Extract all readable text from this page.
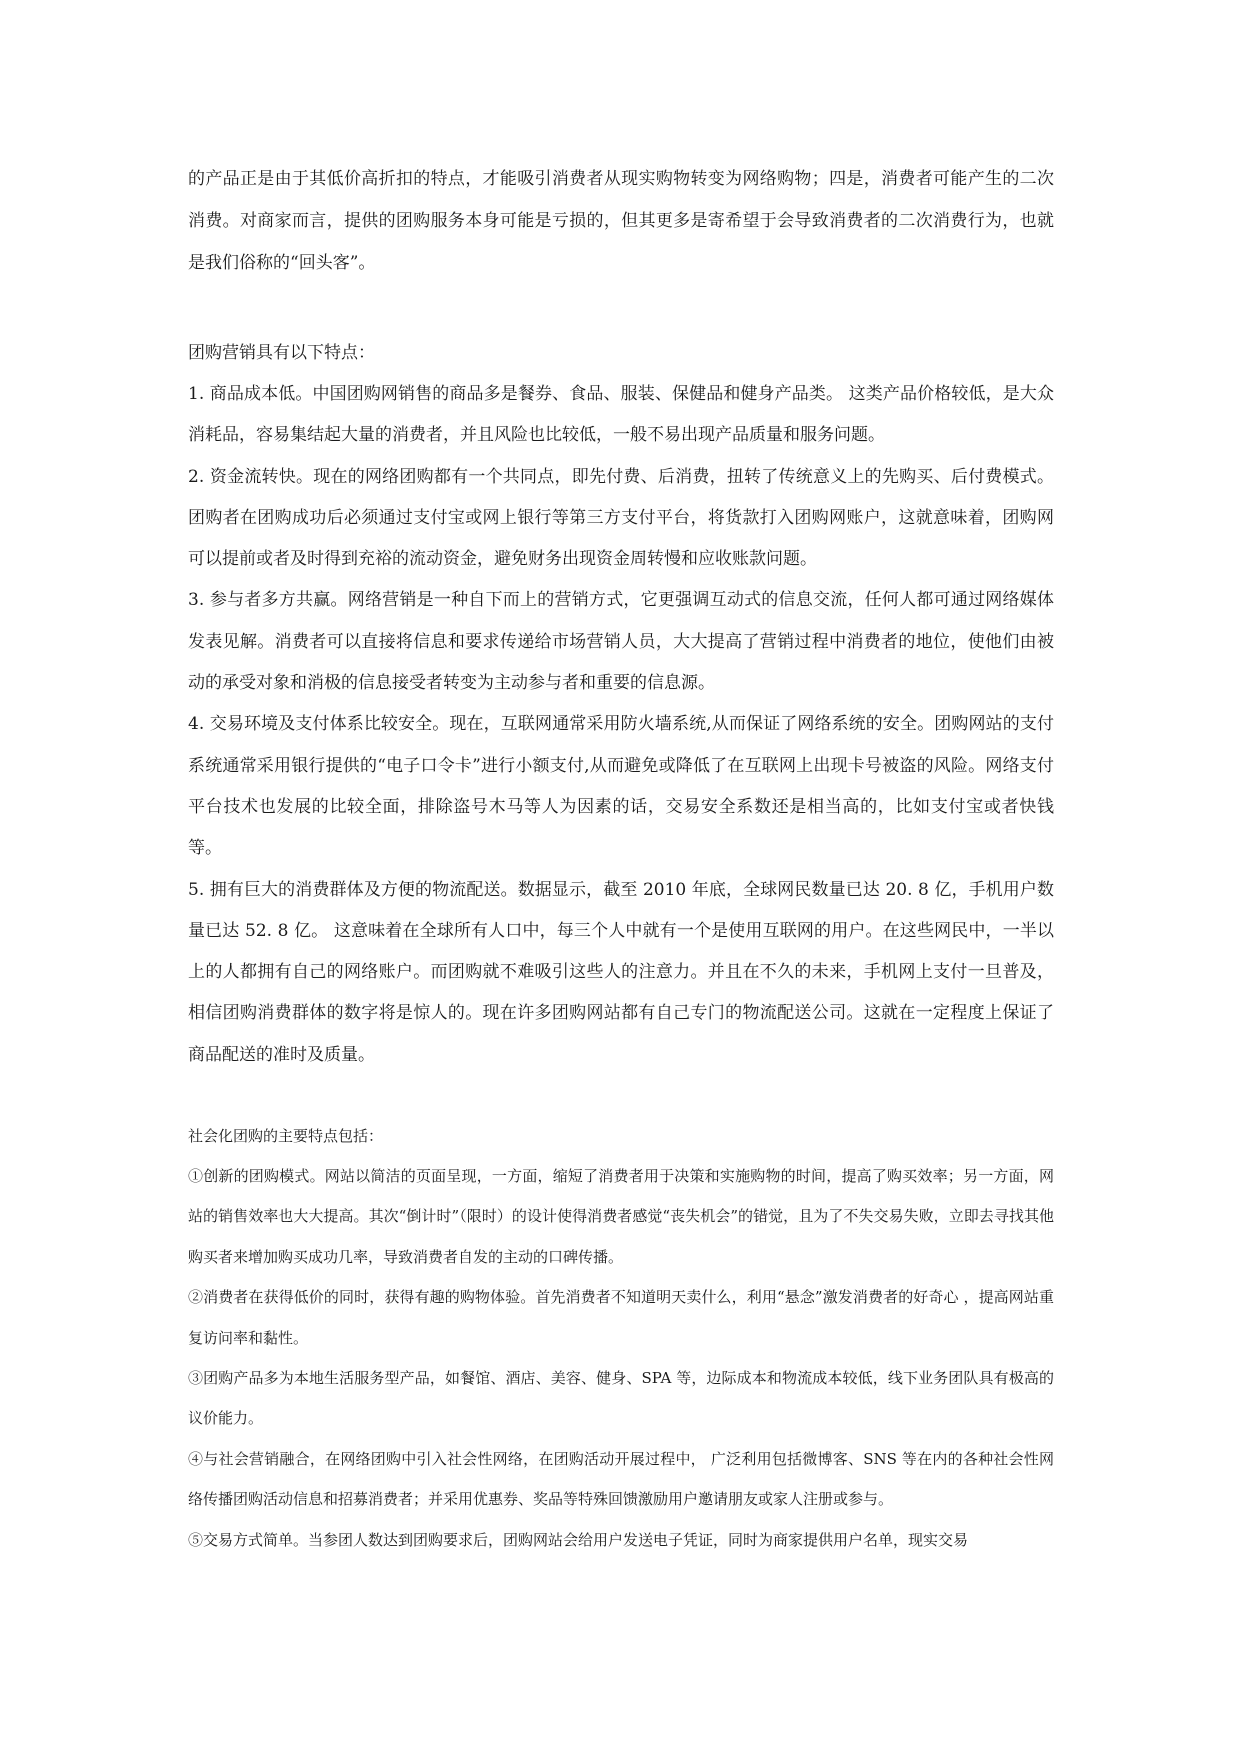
的产品正是由于其低价高折扣的特点，才能吸引消费者从现实购物转变为网络购物；四是，消费者可能产生的二次消费。对商家而言，提供的团购服务本身可能是亏损的，但其更多是寄希望于会导致消费者的二次消费行为，也就是我们俗称的“回头客”。

团购营销具有以下特点：

1. 商品成本低。中国团购网销售的商品多是餐券、食品、服装、保健品和健身产品类。 这类产品价格较低，是大众消耗品，容易集结起大量的消费者，并且风险也比较低，一般不易出现产品质量和服务问题。

2. 资金流转快。现在的网络团购都有一个共同点，即先付费、后消费，扭转了传统意义上的先购买、后付费模式。团购者在团购成功后必须通过支付宝或网上银行等第三方支付平台，将货款打入团购网账户，这就意味着，团购网可以提前或者及时得到充裕的流动资金，避免财务出现资金周转慢和应收账款问题。

3. 参与者多方共赢。网络营销是一种自下而上的营销方式，它更强调互动式的信息交流，任何人都可通过网络媒体发表见解。消费者可以直接将信息和要求传递给市场营销人员，大大提高了营销过程中消费者的地位，使他们由被动的承受对象和消极的信息接受者转变为主动参与者和重要的信息源。

4. 交易环境及支付体系比较安全。现在，互联网通常采用防火墙系统,从而保证了网络系统的安全。团购网站的支付系统通常采用银行提供的“电子口令卡”进行小额支付,从而避免或降低了在互联网上出现卡号被盗的风险。网络支付平台技术也发展的比较全面，排除盗号木马等人为因素的话，交易安全系数还是相当高的，比如支付宝或者快钱等。

5. 拥有巨大的消费群体及方便的物流配送。数据显示，截至 2010 年底，全球网民数量已达 20. 8 亿，手机用户数量已达 52. 8 亿。 这意味着在全球所有人口中，每三个人中就有一个是使用互联网的用户。在这些网民中，一半以上的人都拥有自己的网络账户。而团购就不难吸引这些人的注意力。并且在不久的未来，手机网上支付一旦普及，相信团购消费群体的数字将是惊人的。现在许多团购网站都有自己专门的物流配送公司。这就在一定程度上保证了商品配送的准时及质量。

社会化团购的主要特点包括：

①创新的团购模式。网站以简洁的页面呈现，一方面，缩短了消费者用于决策和实施购物的时间，提高了购买效率；另一方面，网站的销售效率也大大提高。其次“倒计时”（限时）的设计使得消费者感觉“丧失机会”的错觉，且为了不失交易失败，立即去寻找其他购买者来增加购买成功几率，导致消费者自发的主动的口碑传播。

②消费者在获得低价的同时，获得有趣的购物体验。首先消费者不知道明天卖什么，利用“悬念”激发消费者的好奇心 ，提高网站重复访问率和黏性。

③团购产品多为本地生活服务型产品，如餐馆、酒店、美容、健身、SPA 等，边际成本和物流成本较低，线下业务团队具有极高的议价能力。

④与社会营销融合，在网络团购中引入社会性网络，在团购活动开展过程中， 广泛利用包括微博客、SNS 等在内的各种社会性网络传播团购活动信息和招募消费者；并采用优惠券、奖品等特殊回馈激励用户邀请朋友或家人注册或参与。

⑤交易方式简单。当参团人数达到团购要求后，团购网站会给用户发送电子凭证，同时为商家提供用户名单，现实交易
